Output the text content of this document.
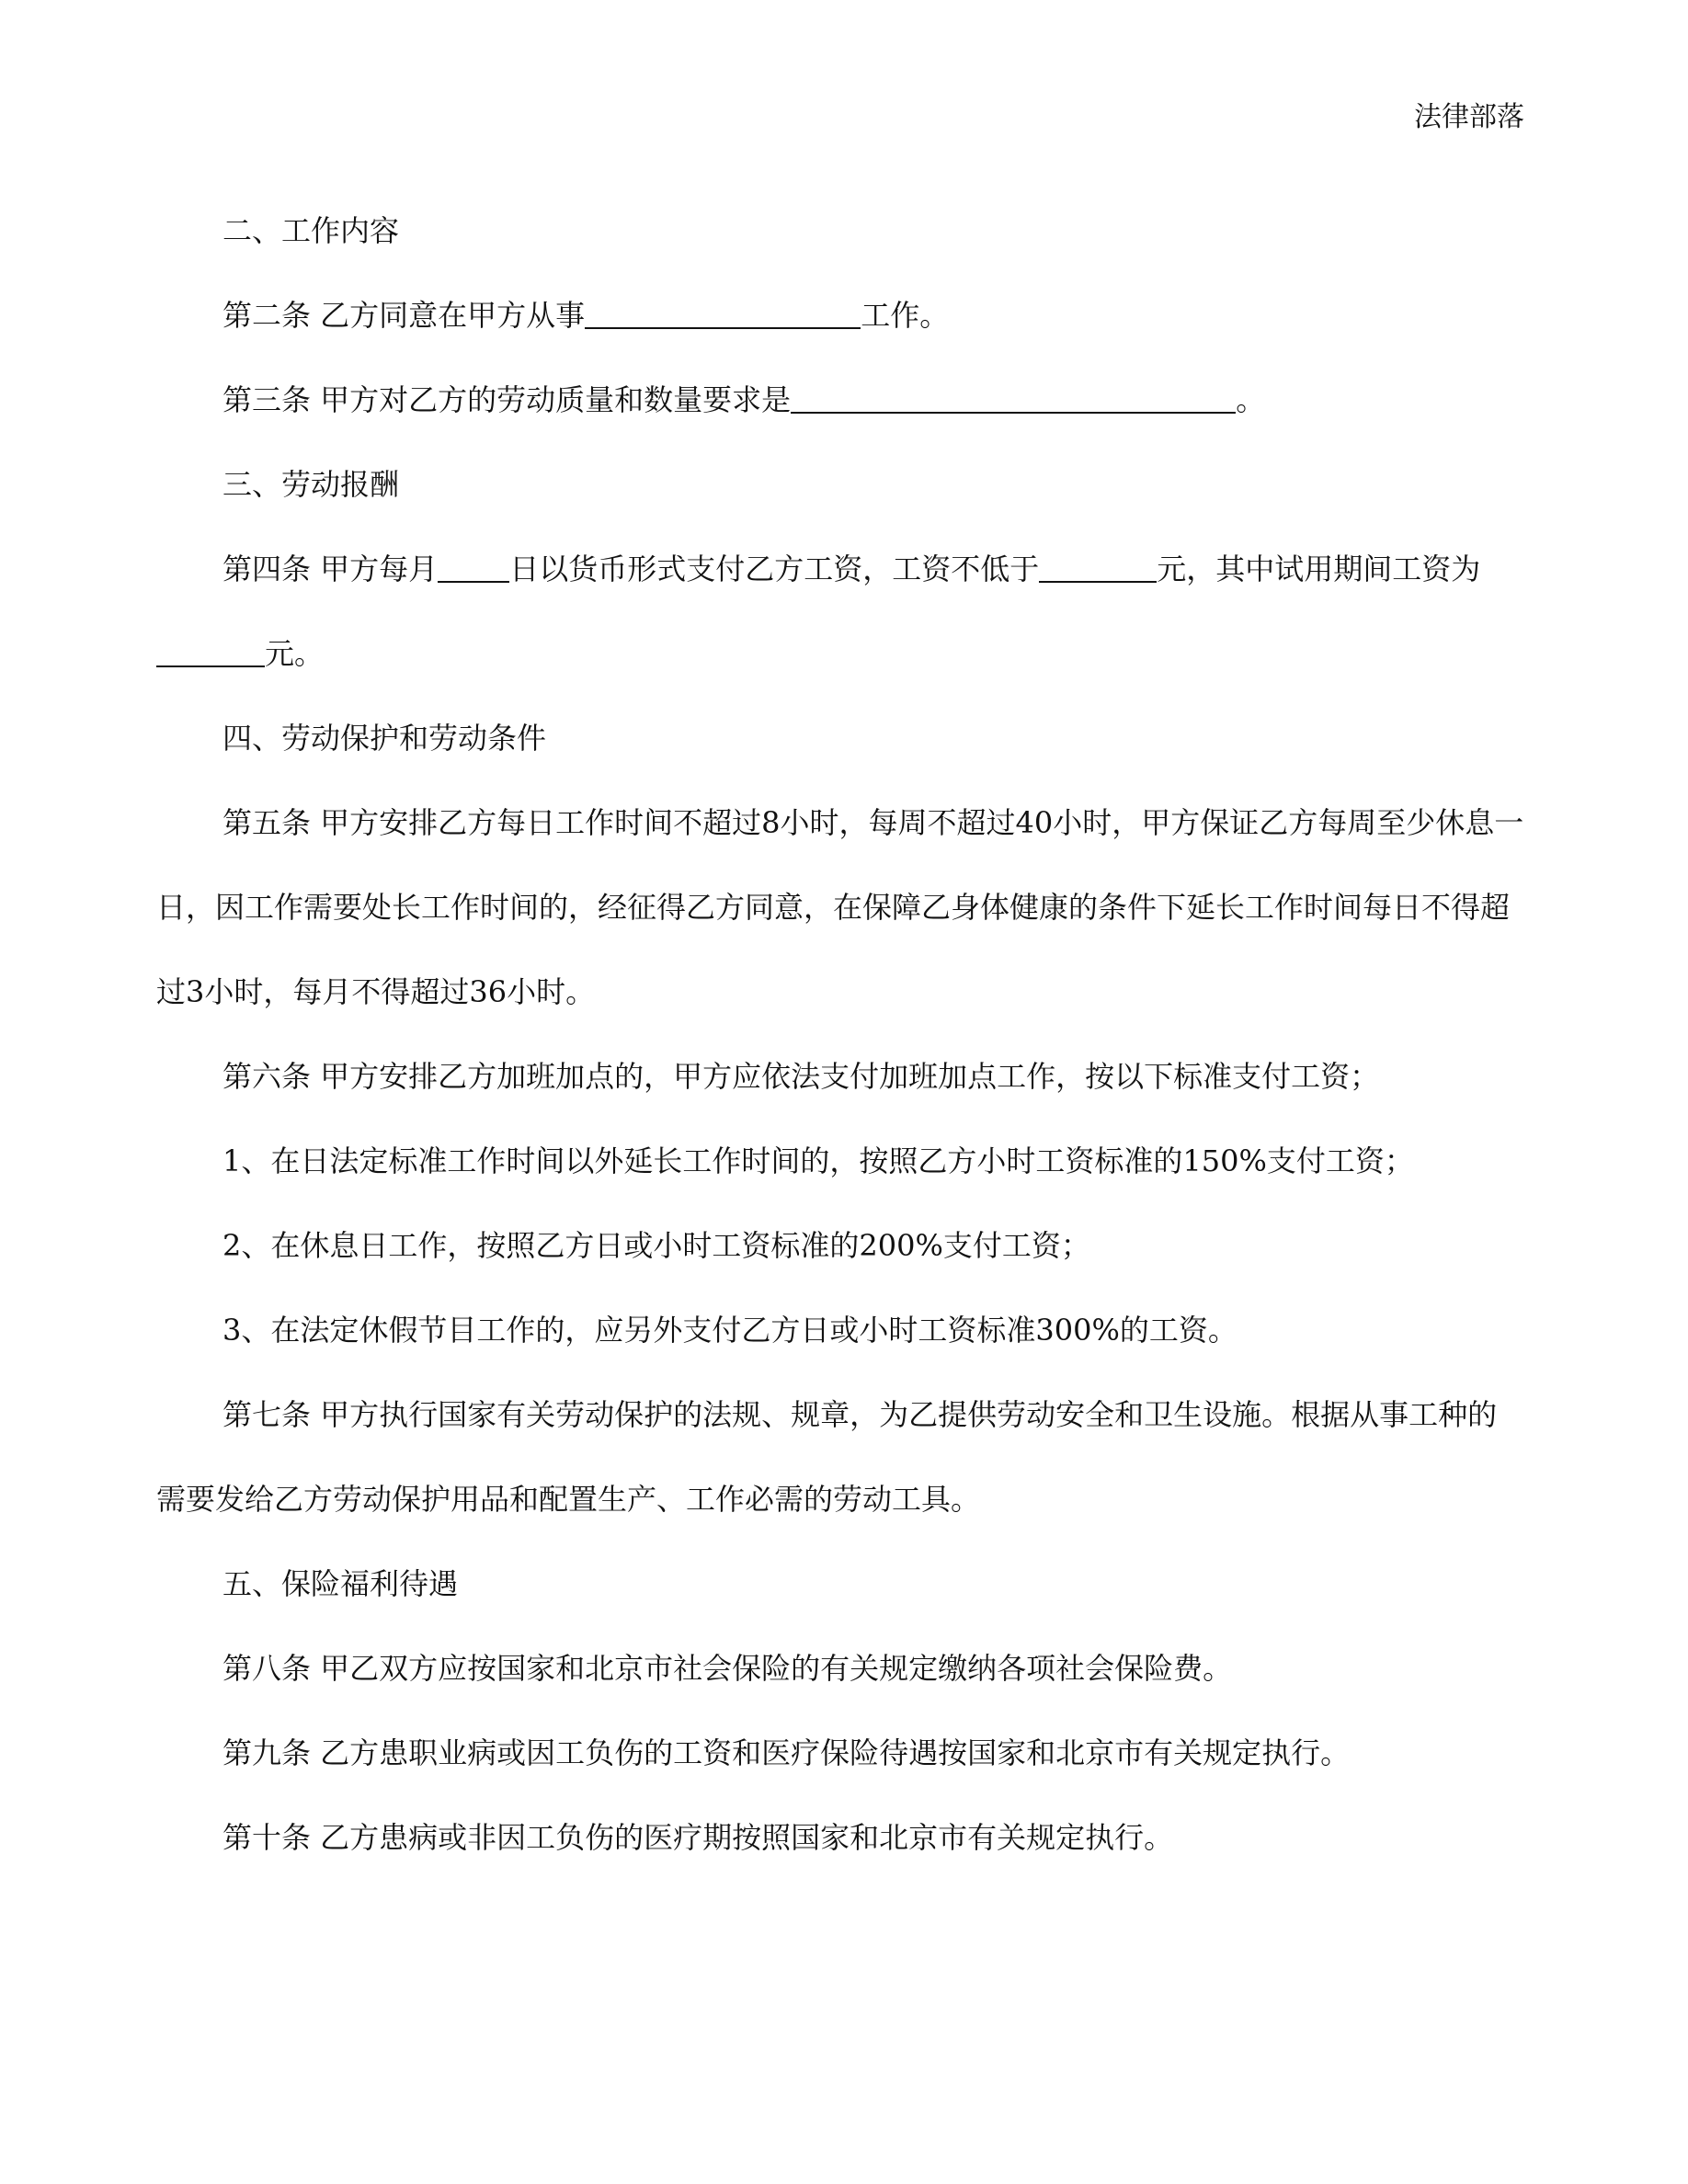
法律部落

二、工作内容

第二条 乙方同意在甲方从事	工作。

第三条 甲方对乙方的劳动质量和数量要求是	。

三、劳动报酬

第四条 甲方每月 日以货币形式支付乙方工资，工资不低于	元，其中试用期间工资为元。

四、劳动保护和劳动条件

第五条 甲方安排乙方每日工作时间不超过8小时，每周不超过40小时，甲方保证乙方每周至少休息一日，因工作需要处长工作时间的，经征得乙方同意，在保障乙身体健康的条件下延长工作时间每日不得超过3小时，每月不得超过36小时。

第六条 甲方安排乙方加班加点的，甲方应依法支付加班加点工作，按以下标准支付工资；

1、在日法定标准工作时间以外延长工作时间的，按照乙方小时工资标准的150%支付工资；

2、在休息日工作，按照乙方日或小时工资标准的200%支付工资；

3、在法定休假节目工作的，应另外支付乙方日或小时工资标准300%的工资。

第七条 甲方执行国家有关劳动保护的法规、规章，为乙提供劳动安全和卫生设施。根据从事工种的需要发给乙方劳动保护用品和配置生产、工作必需的劳动工具。

五、保险福利待遇

第八条 甲乙双方应按国家和北京市社会保险的有关规定缴纳各项社会保险费。

第九条 乙方患职业病或因工负伤的工资和医疗保险待遇按国家和北京市有关规定执行。

第十条 乙方患病或非因工负伤的医疗期按照国家和北京市有关规定执行。
